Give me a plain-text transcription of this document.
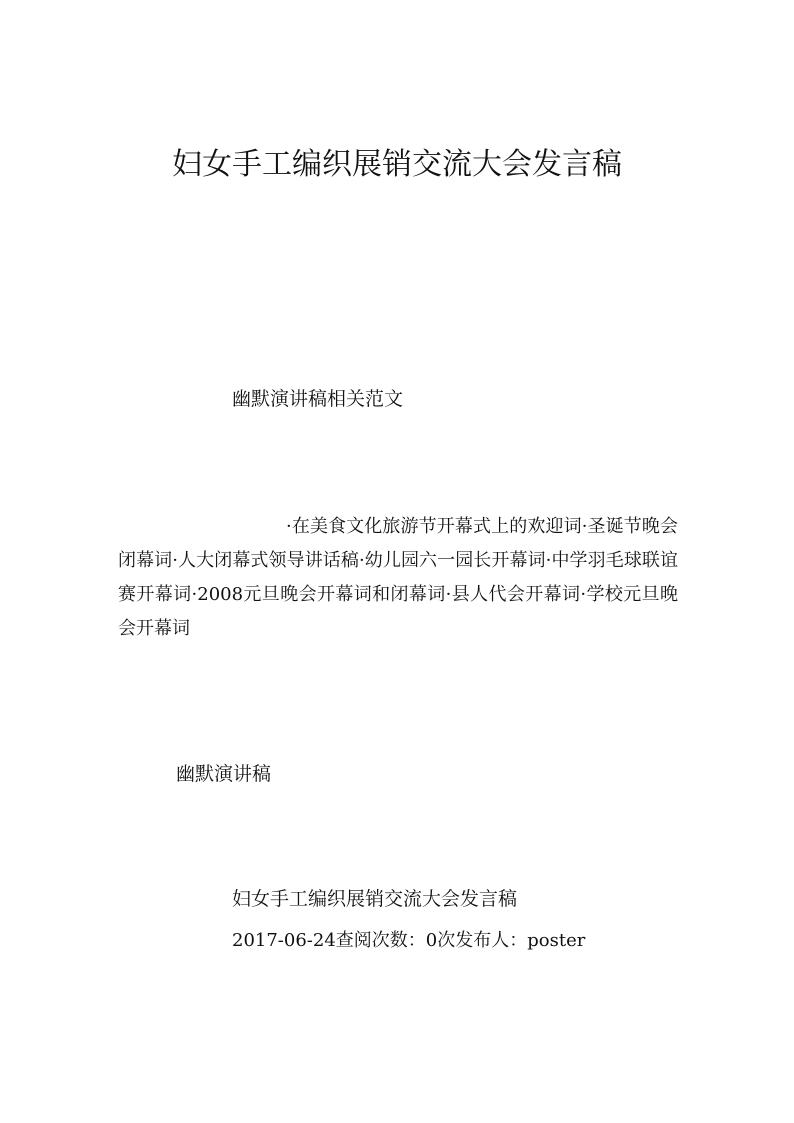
妇女手工编织展销交流大会发言稿

幽默演讲稿相关范文

·在美食文化旅游节开幕式上的欢迎词·圣诞节晚会闭幕词·人大闭幕式领导讲话稿·幼儿园六一园长开幕词·中学羽毛球联谊赛开幕词·2008元旦晚会开幕词和闭幕词·县人代会开幕词·学校元旦晚会开幕词

幽默演讲稿

妇女手工编织展销交流大会发言稿

2017-06-24查阅次数：0次发布人：poster
